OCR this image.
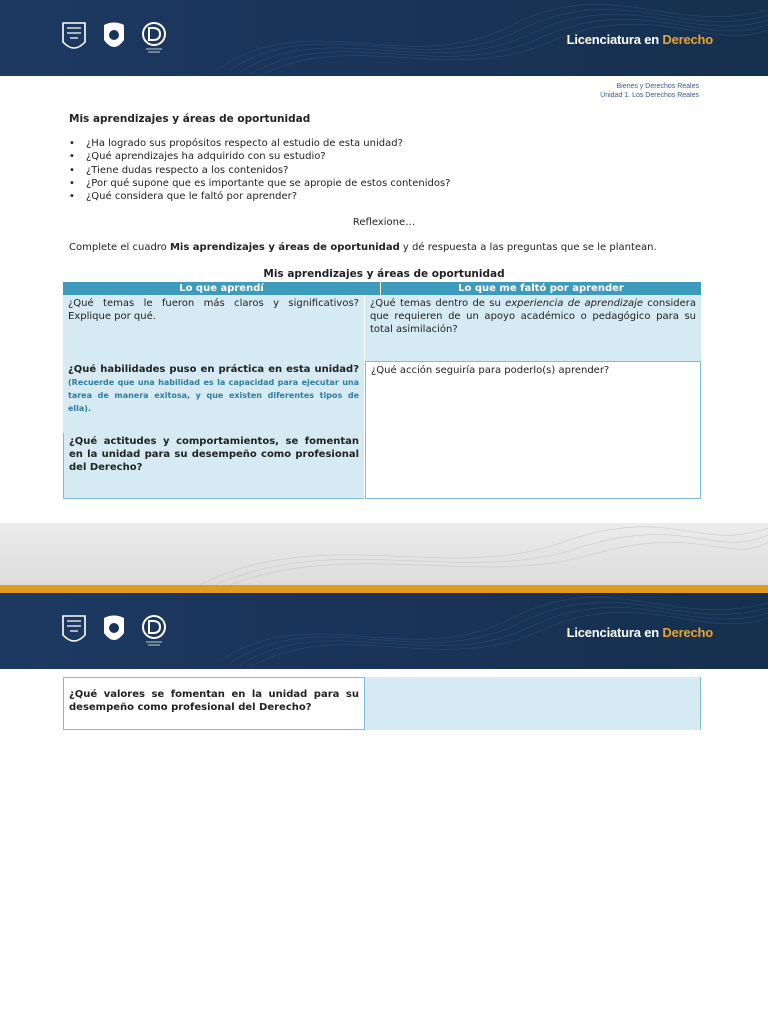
Licenciatura en Derecho
Bienes y Derechos Reales
Unidad 1. Los Derechos Reales
Mis aprendizajes y áreas de oportunidad
• ¿Ha logrado sus propósitos respecto al estudio de esta unidad?
• ¿Qué aprendizajes ha adquirido con su estudio?
• ¿Tiene dudas respecto a los contenidos?
• ¿Por qué supone que es importante que se apropie de estos contenidos?
• ¿Qué considera que le faltó por aprender?
Reflexione…
Complete el cuadro Mis aprendizajes y áreas de oportunidad y dé respuesta a las preguntas que se le plantean.
Mis aprendizajes y áreas de oportunidad
Lo que aprendí	Lo que me faltó por aprender
¿Qué temas le fueron más claros y significativos? Explique por qué.
¿Qué habilidades puso en práctica en esta unidad? (Recuerde que una habilidad es la capacidad para ejecutar una tarea de manera exitosa, y que existen diferentes tipos de ella).
¿Qué actitudes y comportamientos, se fomentan en la unidad para su desempeño como profesional del Derecho?
¿Qué temas dentro de su experiencia de aprendizaje considera que requieren de un apoyo académico o pedagógico para su total asimilación?
¿Qué acción seguiría para poderlo(s) aprender?
Licenciatura en Derecho
¿Qué valores se fomentan en la unidad para su desempeño como profesional del Derecho?
